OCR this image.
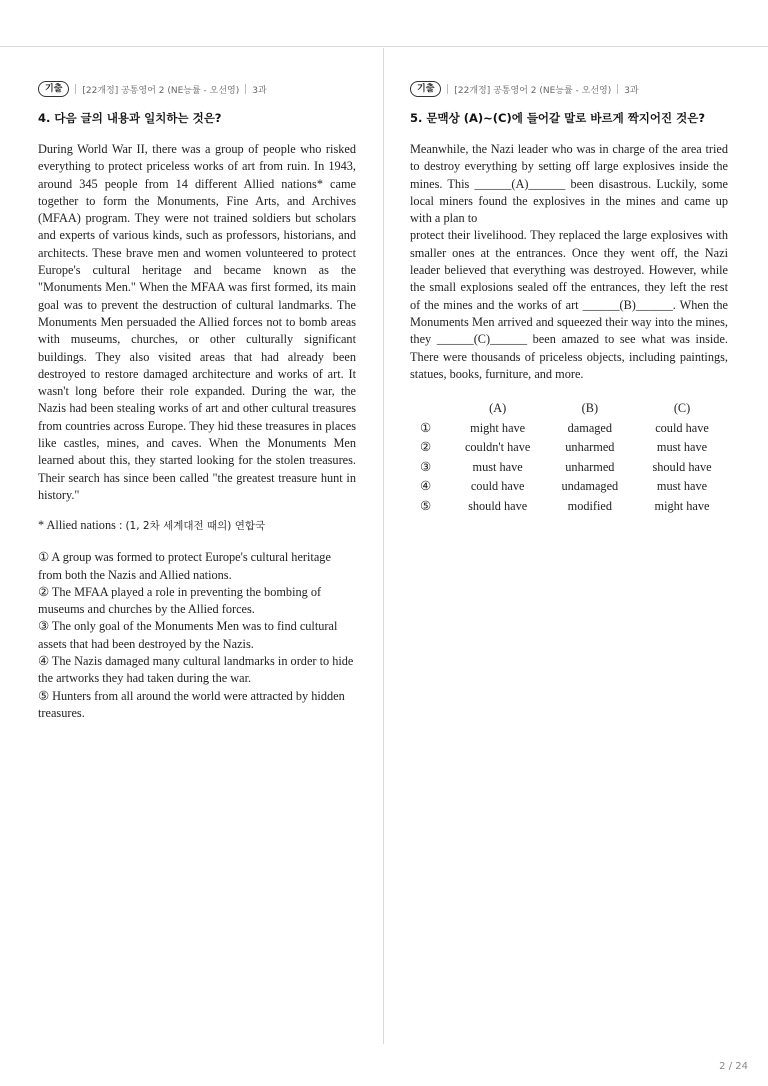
기출	[22개정] 공통영어 2 (NE능률 - 오선영) 3과
4. 다음 글의 내용과 일치하는 것은?

During World War II, there was a group of people who risked everything to protect priceless works of art from ruin. In 1943, around 345 people from 14 different Allied nations* came together to form the Monuments, Fine Arts, and Archives (MFAA) program. They were not trained soldiers but scholars and experts of various kinds, such as professors, historians, and architects. These brave men and women volunteered to protect Europe's cultural heritage and became known as the "Monuments Men." When the MFAA was first formed, its main goal was to prevent the destruction of cultural landmarks. The Monuments Men persuaded the Allied forces not to bomb areas with museums, churches, or other culturally significant buildings. They also visited areas that had already been destroyed to restore damaged architecture and works of art. It wasn't long before their role expanded. During the war, the Nazis had been stealing works of art and other cultural treasures from countries across Europe. They hid these treasures in places like castles, mines, and caves. When the Monuments Men learned about this, they started looking for the stolen treasures. Their search has since been called "the greatest treasure hunt in history."

* Allied nations : (1, 2차 세계대전 때의) 연합국

① A group was formed to protect Europe's cultural heritage from both the Nazis and Allied nations.

② The MFAA played a role in preventing the bombing of museums and churches by the Allied forces.

③ The only goal of the Monuments Men was to find cultural assets that had been destroyed by the Nazis.

④ The Nazis damaged many cultural landmarks in order to hide the artworks they had taken during the war.

⑤ Hunters from all around the world were attracted by hidden treasures.

기출	[22개정] 공통영어 2 (NE능률 - 오선영) 3과
5. 문맥상 (A)~(C)에 들어갈 말로 바르게 짝지어진 것은?

Meanwhile, the Nazi leader who was in charge of the area tried to destroy everything by setting off large explosives inside the mines. This ______(A)______ been disastrous. Luckily, some local miners found the explosives in the mines and came up with a plan to

protect their livelihood. They replaced the large explosives with smaller ones at the entrances. Once they went off, the Nazi leader believed that everything was destroyed. However, while the small explosions sealed off the entrances, they left the rest of the mines and the works of art ______(B)______. When the Monuments Men arrived and squeezed their way into the mines, they ______(C)______ been amazed to see what was inside. There were thousands of priceless objects, including paintings, statues, books, furniture, and more.

	(A)	(B)	(C)
①	might have	damaged	could have
②	couldn't have	unharmed	must have
③	must have	unharmed	should have
④	could have	undamaged	must have
⑤	should have	modified	might have
2 / 24
